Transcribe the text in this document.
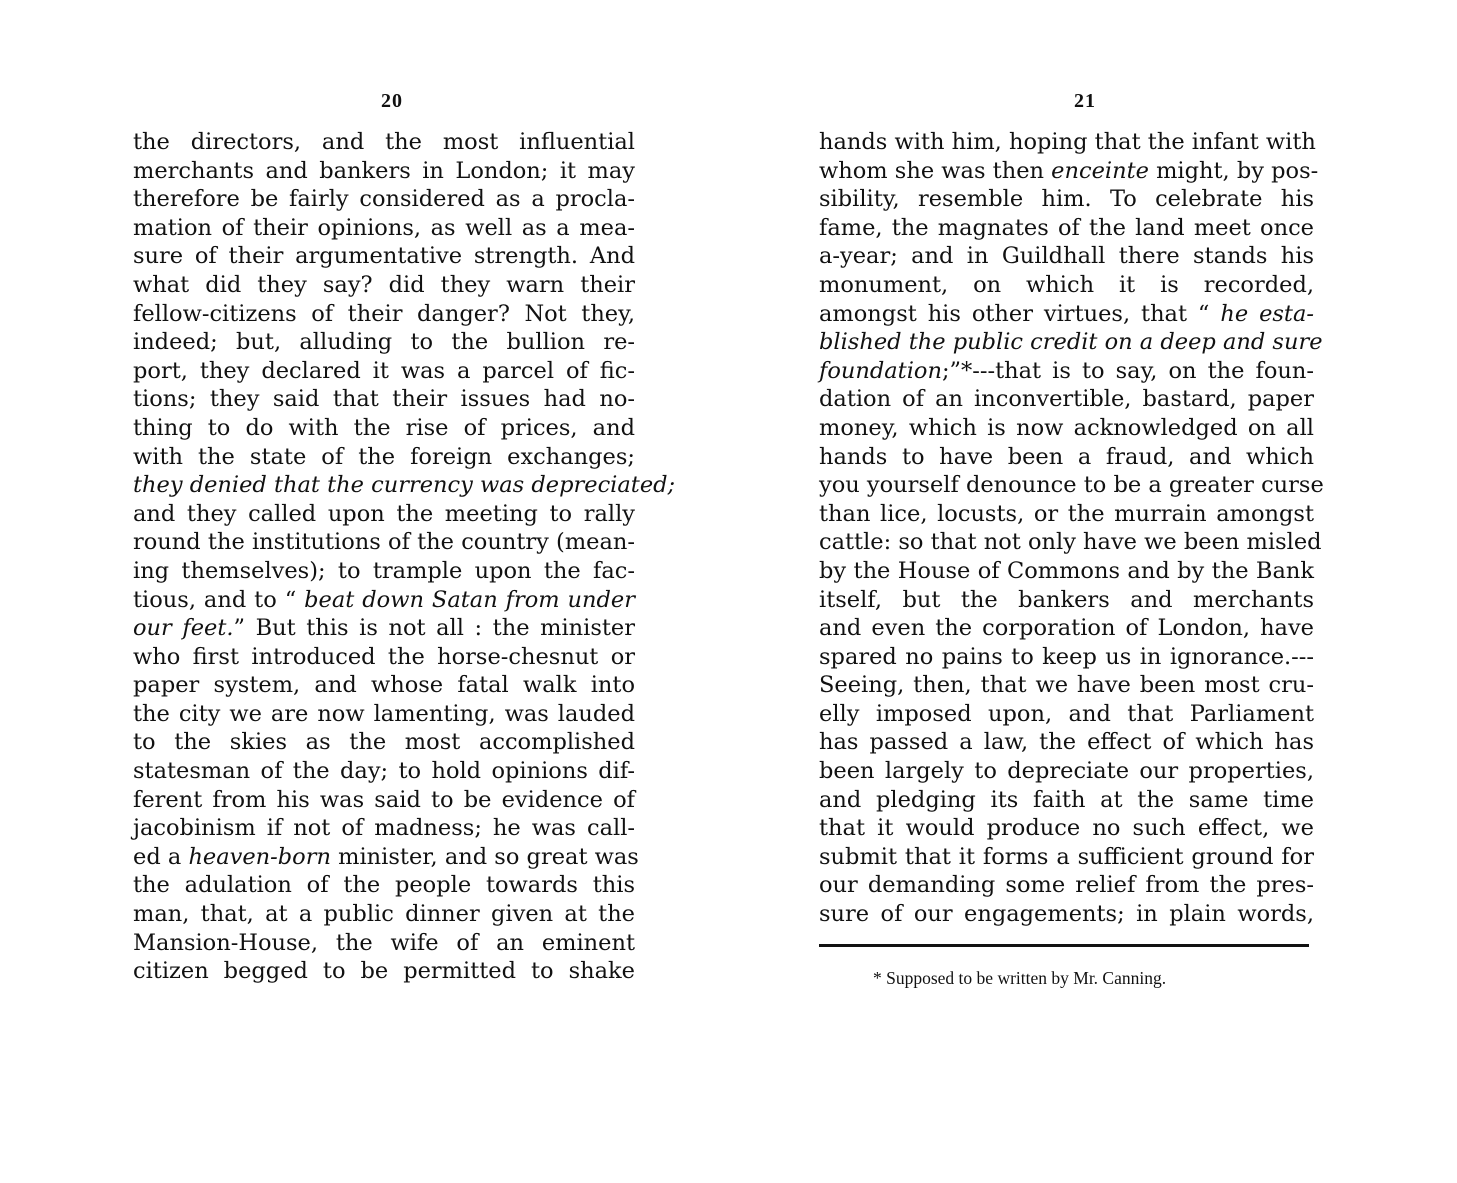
20
the directors, and the most influential
merchants and bankers in London; it may
therefore be fairly considered as a procla-
mation of their opinions, as well as a mea-
sure of their argumentative strength. And
what did they say? did they warn their
fellow-citizens of their danger? Not they,
indeed; but, alluding to the bullion re-
port, they declared it was a parcel of fic-
tions; they said that their issues had no-
thing to do with the rise of prices, and
with the state of the foreign exchanges;
they denied that the currency was depreciated;
and they called upon the meeting to rally
round the institutions of the country (mean-
ing themselves); to trample upon the fac-
tious, and to “ beat down Satan from under
our feet.” But this is not all : the minister
who first introduced the horse-chesnut or
paper system, and whose fatal walk into
the city we are now lamenting, was lauded
to the skies as the most accomplished
statesman of the day; to hold opinions dif-
ferent from his was said to be evidence of
jacobinism if not of madness; he was call-
ed a heaven-born minister, and so great was
the adulation of the people towards this
man, that, at a public dinner given at the
Mansion-House, the wife of an eminent
citizen begged to be permitted to shake
21
hands with him, hoping that the infant with
whom she was then enceinte might, by pos-
sibility, resemble him. To celebrate his
fame, the magnates of the land meet once
a-year; and in Guildhall there stands his
monument, on which it is recorded,
amongst his other virtues, that “ he esta-
blished the public credit on a deep and sure
foundation;”*---that is to say, on the foun-
dation of an inconvertible, bastard, paper
money, which is now acknowledged on all
hands to have been a fraud, and which
you yourself denounce to be a greater curse
than lice, locusts, or the murrain amongst
cattle: so that not only have we been misled
by the House of Commons and by the Bank
itself, but the bankers and merchants
and even the corporation of London, have
spared no pains to keep us in ignorance.---
Seeing, then, that we have been most cru-
elly imposed upon, and that Parliament
has passed a law, the effect of which has
been largely to depreciate our properties,
and pledging its faith at the same time
that it would produce no such effect, we
submit that it forms a sufficient ground for
our demanding some relief from the pres-
sure of our engagements; in plain words,
* Supposed to be written by Mr. Canning.
